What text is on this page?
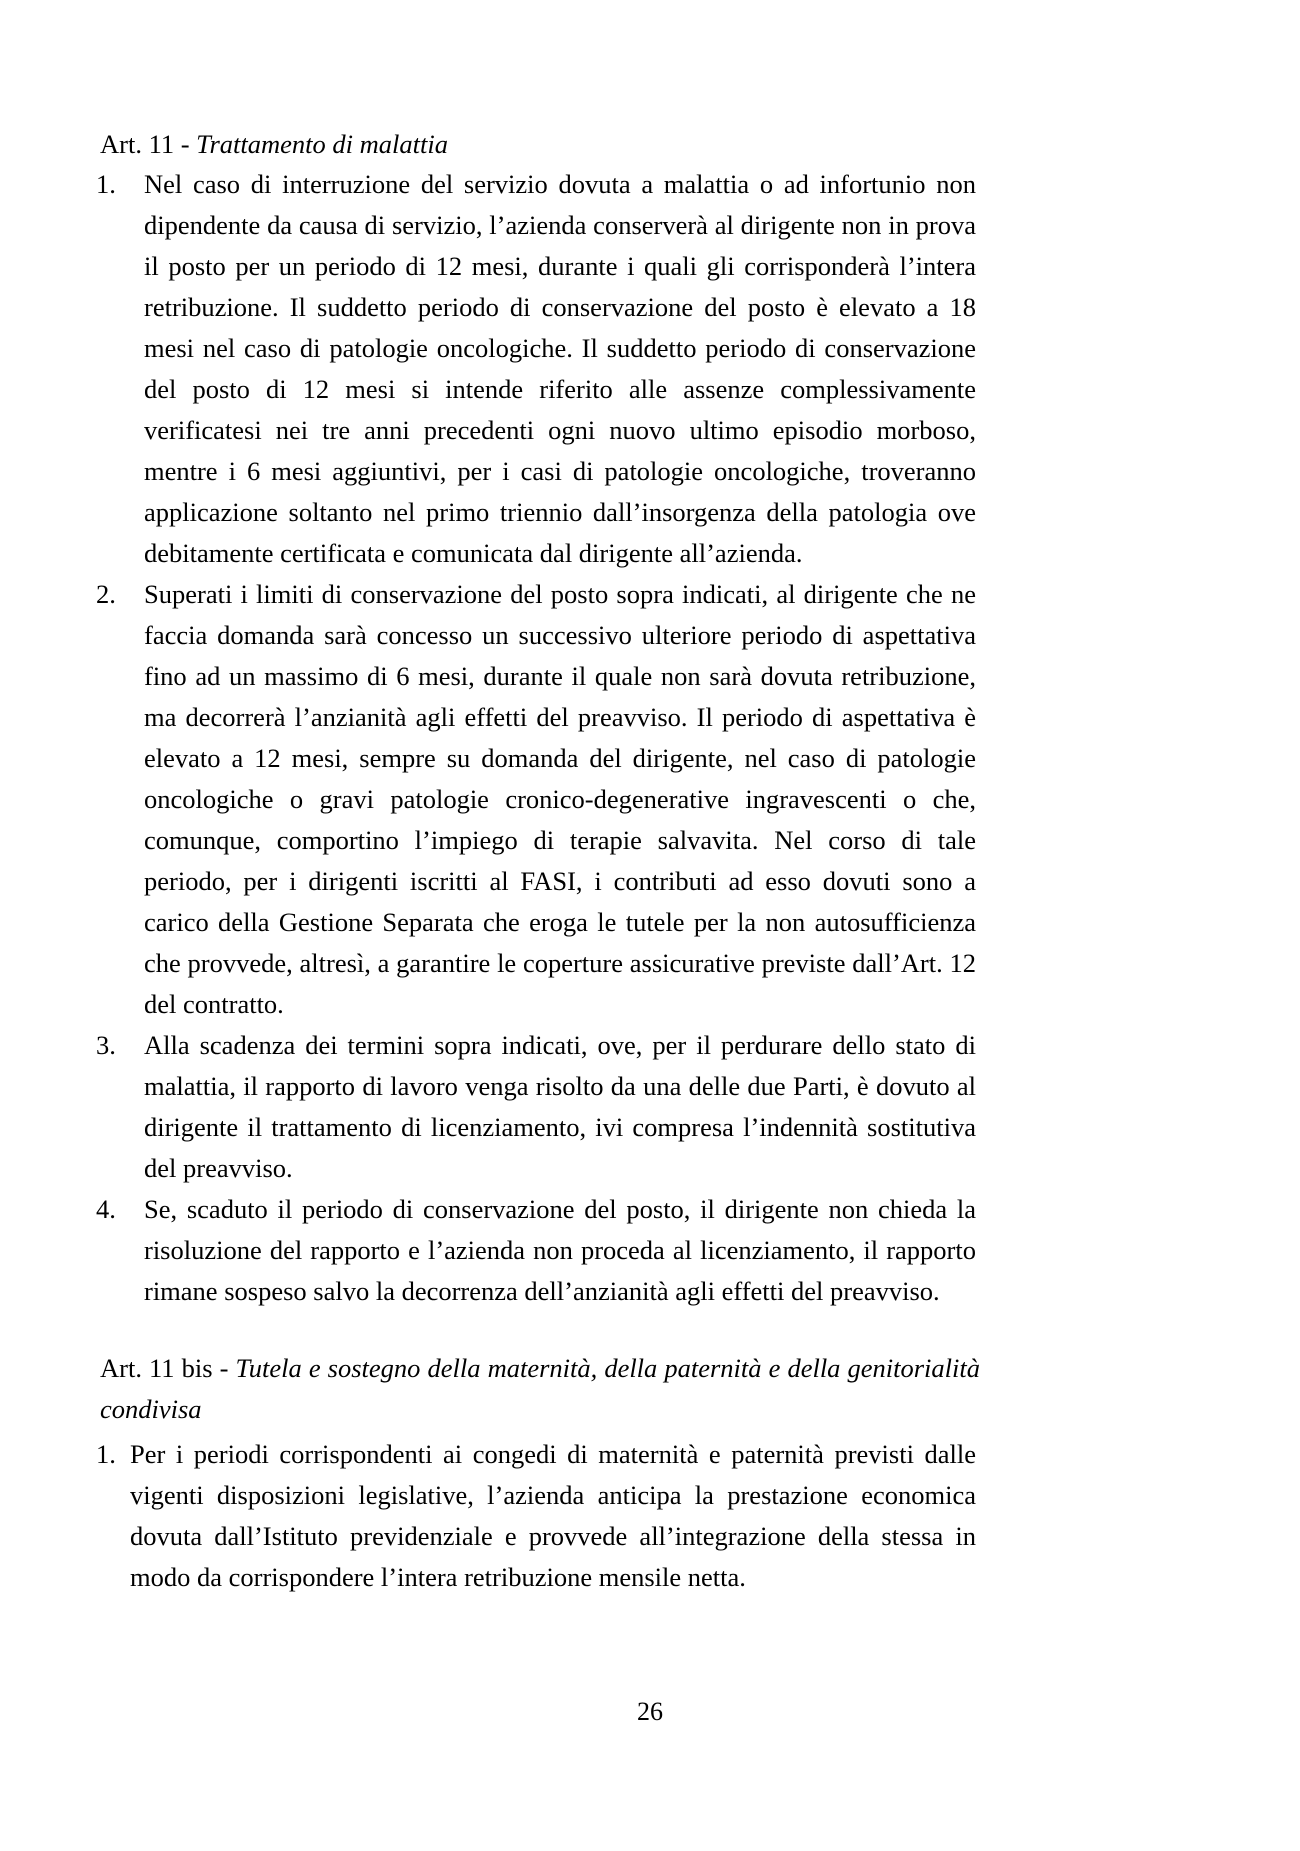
Art. 11 - Trattamento di malattia

1.	Nel caso di interruzione del servizio dovuta a malattia o ad infortunio non dipendente da causa di servizio, l’azienda conserverà al dirigente non in prova il posto per un periodo di 12 mesi, durante i quali gli corrisponderà l’intera retribuzione. Il suddetto periodo di conservazione del posto è elevato a 18 mesi nel caso di patologie oncologiche. Il suddetto periodo di conservazione del posto di 12 mesi si intende riferito alle assenze complessivamente verificatesi nei tre anni precedenti ogni nuovo ultimo episodio morboso, mentre i 6 mesi aggiuntivi, per i casi di patologie oncologiche, troveranno applicazione soltanto nel primo triennio dall’insorgenza della patologia ove debitamente certificata e comunicata dal dirigente all’azienda.
2.	Superati i limiti di conservazione del posto sopra indicati, al dirigente che ne faccia domanda sarà concesso un successivo ulteriore periodo di aspettativa fino ad un massimo di 6 mesi, durante il quale non sarà dovuta retribuzione, ma decorrerà l’anzianità agli effetti del preavviso. Il periodo di aspettativa è elevato a 12 mesi, sempre su domanda del dirigente, nel caso di patologie oncologiche o gravi patologie cronico-degenerative ingravescenti o che, comunque, comportino l’impiego di terapie salvavita. Nel corso di tale periodo, per i dirigenti iscritti al FASI, i contributi ad esso dovuti sono a carico della Gestione Separata che eroga le tutele per la non autosufficienza che provvede, altresì, a garantire le coperture assicurative previste dall’Art. 12 del contratto.
3.	Alla scadenza dei termini sopra indicati, ove, per il perdurare dello stato di malattia, il rapporto di lavoro venga risolto da una delle due Parti, è dovuto al dirigente il trattamento di licenziamento, ivi compresa l’indennità sostitutiva del preavviso.
4.	Se, scaduto il periodo di conservazione del posto, il dirigente non chieda la risoluzione del rapporto e l’azienda non proceda al licenziamento, il rapporto rimane sospeso salvo la decorrenza dell’anzianità agli effetti del preavviso.

Art. 11 bis - Tutela e sostegno della maternità, della paternità e della genitorialità condivisa

1. Per i periodi corrispondenti ai congedi di maternità e paternità previsti dalle vigenti disposizioni legislative, l’azienda anticipa la prestazione economica dovuta dall’Istituto previdenziale e provvede all’integrazione della stessa in modo da corrispondere l’intera retribuzione mensile netta.
26
